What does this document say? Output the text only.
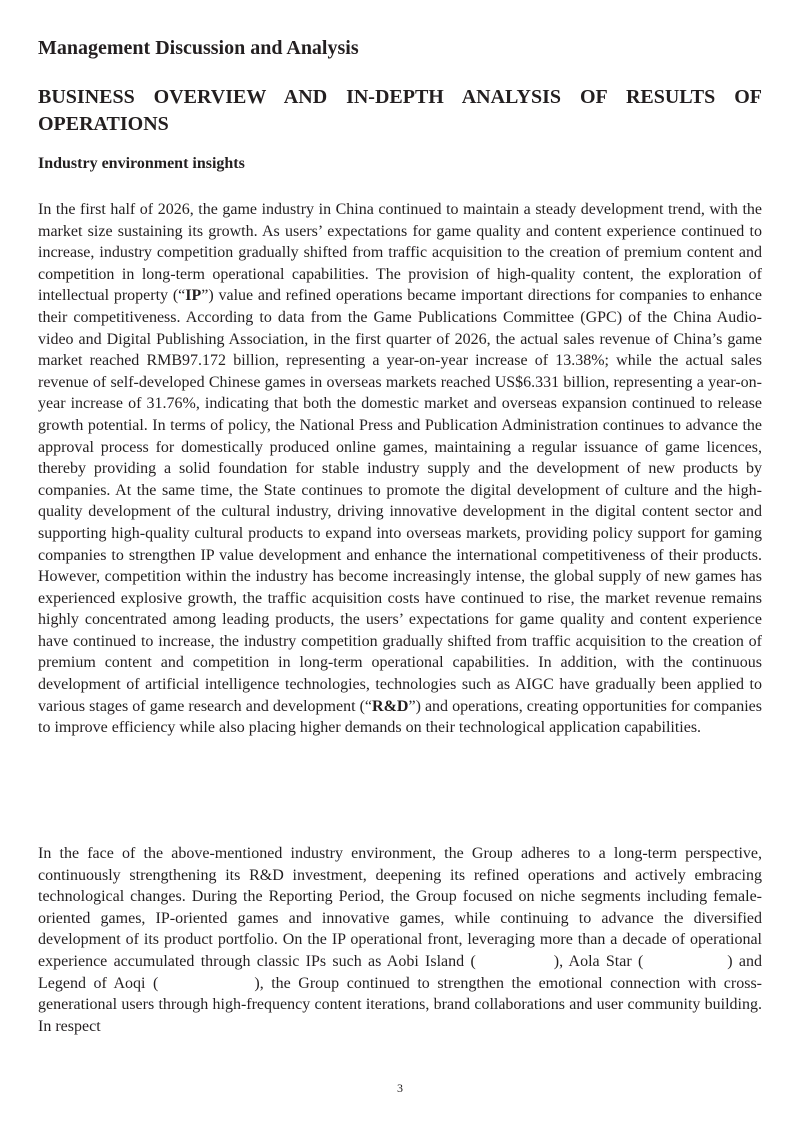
Management Discussion and Analysis
BUSINESS OVERVIEW AND IN-DEPTH ANALYSIS OF RESULTS OF OPERATIONS
Industry environment insights

In the first half of 2026, the game industry in China continued to maintain a steady development trend, with the market size sustaining its growth. As users’ expectations for game quality and content experience continued to increase, industry competition gradually shifted from traffic acquisition to the creation of premium content and competition in long-term operational capabilities. The provision of high-quality content, the exploration of intellectual property (“IP”) value and refined operations became important directions for companies to enhance their competitiveness. According to data from the Game Publications Committee (GPC) of the China Audio-video and Digital Publishing Association, in the first quarter of 2026, the actual sales revenue of China’s game market reached RMB97.172 billion, representing a year-on-year increase of 13.38%; while the actual sales revenue of self-developed Chinese games in overseas markets reached US$6.331 billion, representing a year-on-year increase of 31.76%, indicating that both the domestic market and overseas expansion continued to release growth potential. In terms of policy, the National Press and Publication Administration continues to advance the approval process for domestically produced online games, maintaining a regular issuance of game licences, thereby providing a solid foundation for stable industry supply and the development of new products by companies. At the same time, the State continues to promote the digital development of culture and the high-quality development of the cultural industry, driving innovative development in the digital content sector and supporting high-quality cultural products to expand into overseas markets, providing policy support for gaming companies to strengthen IP value development and enhance the international competitiveness of their products. However, competition within the industry has become increasingly intense, the global supply of new games has experienced explosive growth, the traffic acquisition costs have continued to rise, the market revenue remains highly concentrated among leading products, the users’ expectations for game quality and content experience have continued to increase, the industry competition gradually shifted from traffic acquisition to the creation of premium content and competition in long-term operational capabilities. In addition, with the continuous development of artificial intelligence technologies, technologies such as AIGC have gradually been applied to various stages of game research and development (“R&D”) and operations, creating opportunities for companies to improve efficiency while also placing higher demands on their technological application capabilities.

In the face of the above-mentioned industry environment, the Group adheres to a long-term perspective, continuously strengthening its R&D investment, deepening its refined operations and actively embracing technological changes. During the Reporting Period, the Group focused on niche segments including female-oriented games, IP-oriented games and innovative games, while continuing to advance the diversified development of its product portfolio. On the IP operational front, leveraging more than a decade of operational experience accumulated through classic IPs such as Aobi Island (	), Aola Star (	) and Legend of Aoqi (	), the Group continued to strengthen the emotional connection with cross-generational users through high-frequency content iterations, brand collaborations and user community building. In respect

3
